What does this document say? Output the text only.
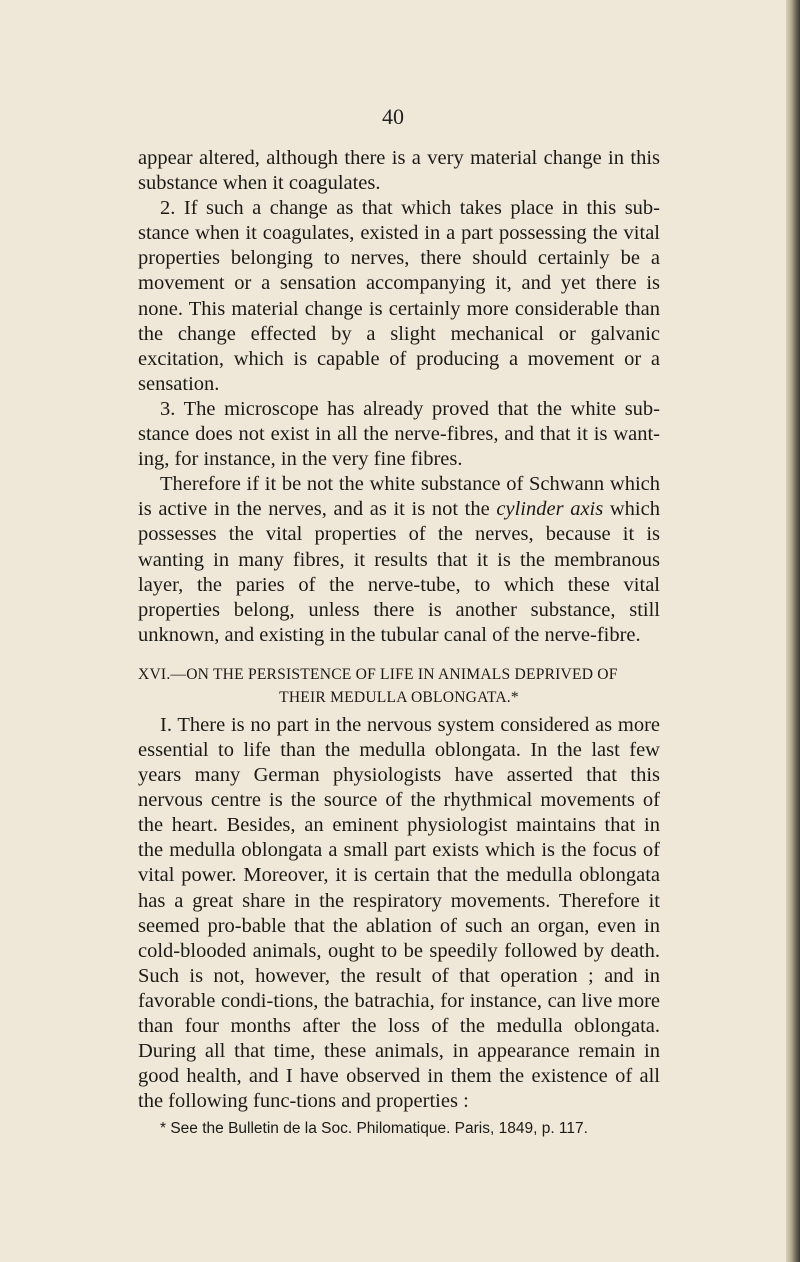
40

appear altered, although there is a very material change in this substance when it coagulates.

2. If such a change as that which takes place in this sub-stance when it coagulates, existed in a part possessing the vital properties belonging to nerves, there should certainly be a movement or a sensation accompanying it, and yet there is none. This material change is certainly more considerable than the change effected by a slight mechanical or galvanic excitation, which is capable of producing a movement or a sensation.

3. The microscope has already proved that the white sub-stance does not exist in all the nerve-fibres, and that it is want-ing, for instance, in the very fine fibres.

Therefore if it be not the white substance of Schwann which is active in the nerves, and as it is not the cylinder axis which possesses the vital properties of the nerves, because it is wanting in many fibres, it results that it is the membranous layer, the paries of the nerve-tube, to which these vital properties belong, unless there is another substance, still unknown, and existing in the tubular canal of the nerve-fibre.

XVI.—ON THE PERSISTENCE OF LIFE IN ANIMALS DEPRIVED OF
THEIR MEDULLA OBLONGATA.*

I. There is no part in the nervous system considered as more essential to life than the medulla oblongata. In the last few years many German physiologists have asserted that this nervous centre is the source of the rhythmical movements of the heart. Besides, an eminent physiologist maintains that in the medulla oblongata a small part exists which is the focus of vital power. Moreover, it is certain that the medulla oblongata has a great share in the respiratory movements. Therefore it seemed pro-bable that the ablation of such an organ, even in cold-blooded animals, ought to be speedily followed by death. Such is not, however, the result of that operation ; and in favorable condi-tions, the batrachia, for instance, can live more than four months after the loss of the medulla oblongata. During all that time, these animals, in appearance remain in good health, and I have observed in them the existence of all the following func-tions and properties :

* See the Bulletin de la Soc. Philomatique. Paris, 1849, p. 117.
